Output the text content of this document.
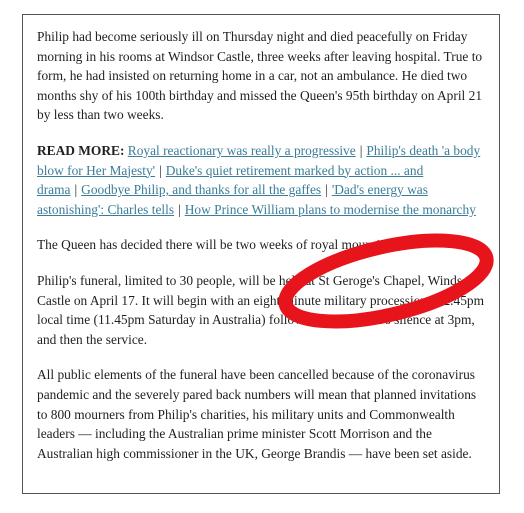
Philip had become seriously ill on Thursday night and died peacefully on Friday morning in his rooms at Windsor Castle, three weeks after leaving hospital. True to form, he had insisted on returning home in a car, not an ambulance. He died two months shy of his 100th birthday and missed the Queen's 95th birthday on April 21 by less than two weeks.

READ MORE: Royal reactionary was really a progressive | Philip's death 'a body blow for Her Majesty' | Duke's quiet retirement marked by action ... and drama | Goodbye Philip, and thanks for all the gaffes | 'Dad's energy was astonishing': Charles tells | How Prince William plans to modernise the monarchy

The Queen has decided there will be two weeks of royal mourning.

Philip's funeral, limited to 30 people, will be held at St Geroge's Chapel, Windsor Castle on April 17. It will begin with an eight minute military procession at 2.45pm local time (11.45pm Saturday in Australia) followed by a minute's silence at 3pm, and then the service.

All public elements of the funeral have been cancelled because of the coronavirus pandemic and the severely pared back numbers will mean that planned invitations to 800 mourners from Philip's charities, his military units and Commonwealth leaders — including the Australian prime minister Scott Morrison and the Australian high commissioner in the UK, George Brandis — have been set aside.
